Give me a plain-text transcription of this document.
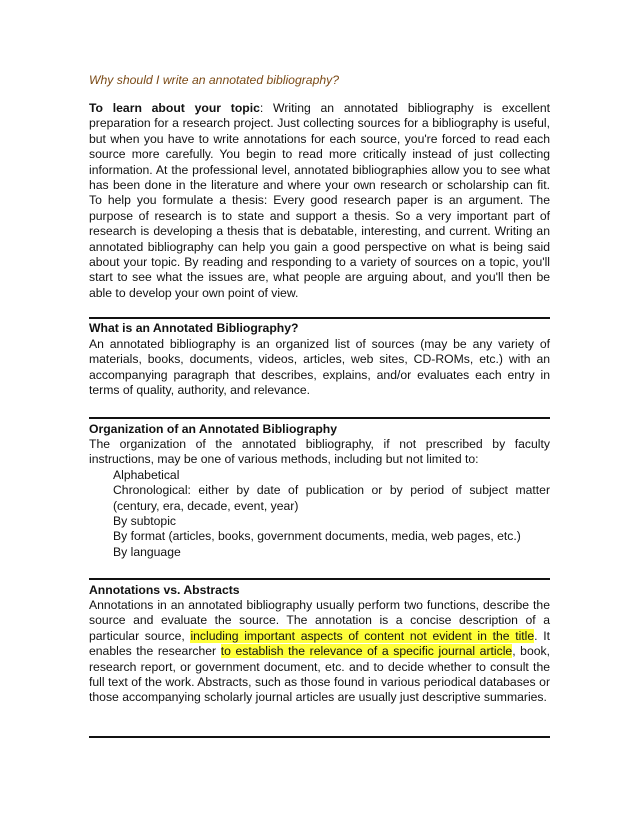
Why should I write an annotated bibliography?

To learn about your topic: Writing an annotated bibliography is excellent preparation for a research project. Just collecting sources for a bibliography is useful, but when you have to write annotations for each source, you're forced to read each source more carefully. You begin to read more critically instead of just collecting information. At the professional level, annotated bibliographies allow you to see what has been done in the literature and where your own research or scholarship can fit. To help you formulate a thesis: Every good research paper is an argument. The purpose of research is to state and support a thesis. So a very important part of research is developing a thesis that is debatable, interesting, and current. Writing an annotated bibliography can help you gain a good perspective on what is being said about your topic. By reading and responding to a variety of sources on a topic, you'll start to see what the issues are, what people are arguing about, and you'll then be able to develop your own point of view.

What is an Annotated Bibliography?

An annotated bibliography is an organized list of sources (may be any variety of materials, books, documents, videos, articles, web sites, CD-ROMs, etc.) with an accompanying paragraph that describes, explains, and/or evaluates each entry in terms of quality, authority, and relevance.

Organization of an Annotated Bibliography

The organization of the annotated bibliography, if not prescribed by faculty instructions, may be one of various methods, including but not limited to:

Alphabetical
Chronological: either by date of publication or by period of subject matter (century, era, decade, event, year)
By subtopic
By format (articles, books, government documents, media, web pages, etc.)
By language
Annotations vs. Abstracts

Annotations in an annotated bibliography usually perform two functions, describe the source and evaluate the source. The annotation is a concise description of a particular source, including important aspects of content not evident in the title. It enables the researcher to establish the relevance of a specific journal article, book, research report, or government document, etc. and to decide whether to consult the full text of the work. Abstracts, such as those found in various periodical databases or those accompanying scholarly journal articles are usually just descriptive summaries.
